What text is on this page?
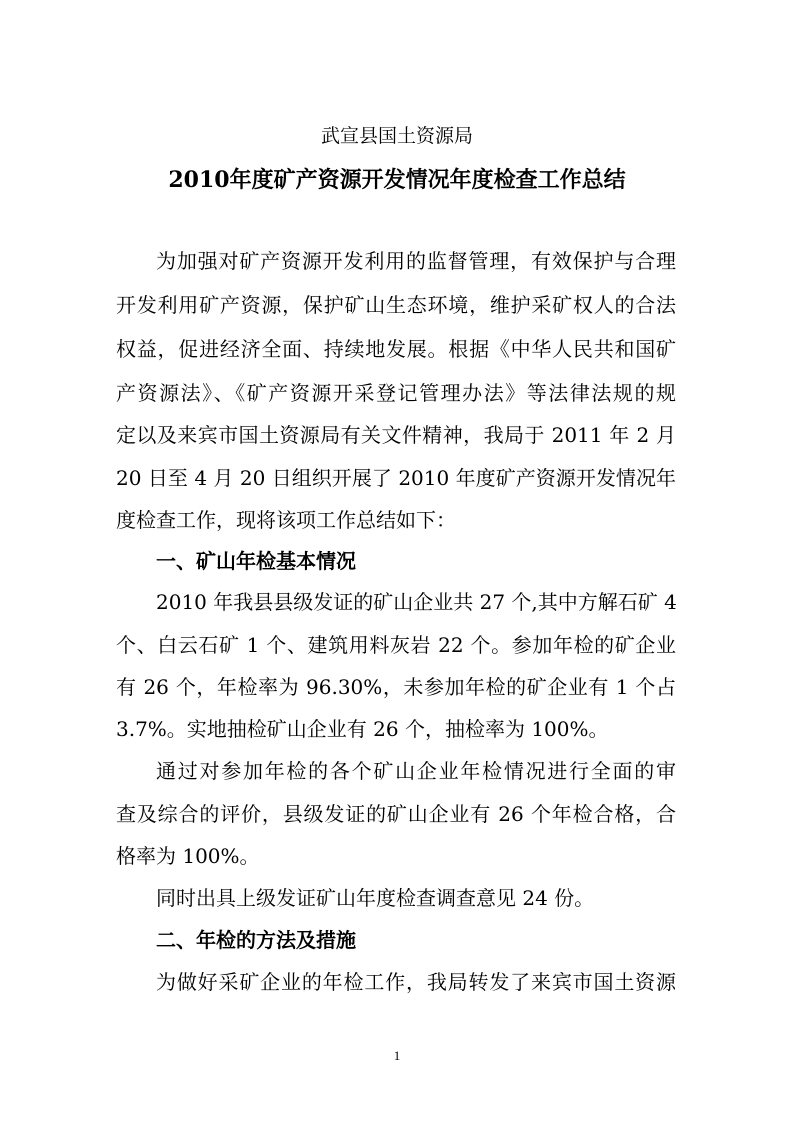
武宣县国土资源局
2010年度矿产资源开发情况年度检查工作总结
为加强对矿产资源开发利用的监督管理，有效保护与合理
开发利用矿产资源，保护矿山生态环境，维护采矿权人的合法
权益，促进经济全面、持续地发展。根据《中华人民共和国矿
产资源法》、《矿产资源开采登记管理办法》等法律法规的规
定以及来宾市国土资源局有关文件精神，我局于 2011 年 2 月
20 日至 4 月 20 日组织开展了 2010 年度矿产资源开发情况年
度检查工作，现将该项工作总结如下：
一、矿山年检基本情况
2010 年我县县级发证的矿山企业共 27 个,其中方解石矿 4
个、白云石矿 1 个、建筑用料灰岩 22 个。参加年检的矿企业
有 26 个，年检率为 96.30%，未参加年检的矿企业有 1 个占
3.7%。实地抽检矿山企业有 26 个，抽检率为 100%。
通过对参加年检的各个矿山企业年检情况进行全面的审
查及综合的评价，县级发证的矿山企业有 26 个年检合格，合
格率为 100%。
同时出具上级发证矿山年度检查调查意见 24 份。
二、年检的方法及措施
为做好采矿企业的年检工作，我局转发了来宾市国土资源
1
